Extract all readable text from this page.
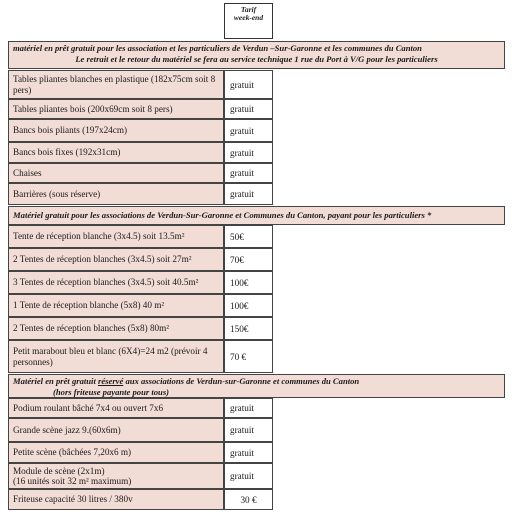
Tarif
week-end
matériel en prêt gratuit pour les association et les particuliers de Verdun –Sur-Garonne et les communes du Canton
Le retrait et le retour du matériel se fera au service technique 1 rue du Port à V/G pour les particuliers
Tables pliantes blanches en plastique (182x75cm soit 8 pers)	gratuit
Tables pliantes bois (200x69cm soit 8 pers)	gratuit
Bancs bois pliants (197x24cm)	gratuit
Bancs bois fixes (192x31cm)	gratuit
Chaises	gratuit
Barrières (sous réserve)	gratuit
Matériel gratuit pour les associations de Verdun-Sur-Garonne et Communes du Canton, payant pour les particuliers *
Tente de réception blanche (3x4.5) soit 13.5m²	50€
2 Tentes de réception blanches (3x4.5) soit 27m²	70€
3 Tentes de réception blanches (3x4.5) soit 40.5m²	100€
1 Tente de réception blanche (5x8) 40 m²	100€
2 Tentes de réception blanches (5x8) 80m²	150€
Petit marabout bleu et blanc (6X4)=24 m2 (prévoir 4 personnes)	70 €
Matériel en prêt gratuit réservé aux associations de Verdun-sur-Garonne et communes du Canton
(hors friteuse payante pour tous)
Podium roulant bâché 7x4 ou ouvert 7x6	gratuit
Grande scène jazz 9.(60x6m)	gratuit
Petite scène (bâchées 7,20x6 m)	gratuit
Module de scène (2x1m)
(16 unités soit 32 m² maximum)	gratuit
Friteuse capacité 30 litres / 380v	30 €
